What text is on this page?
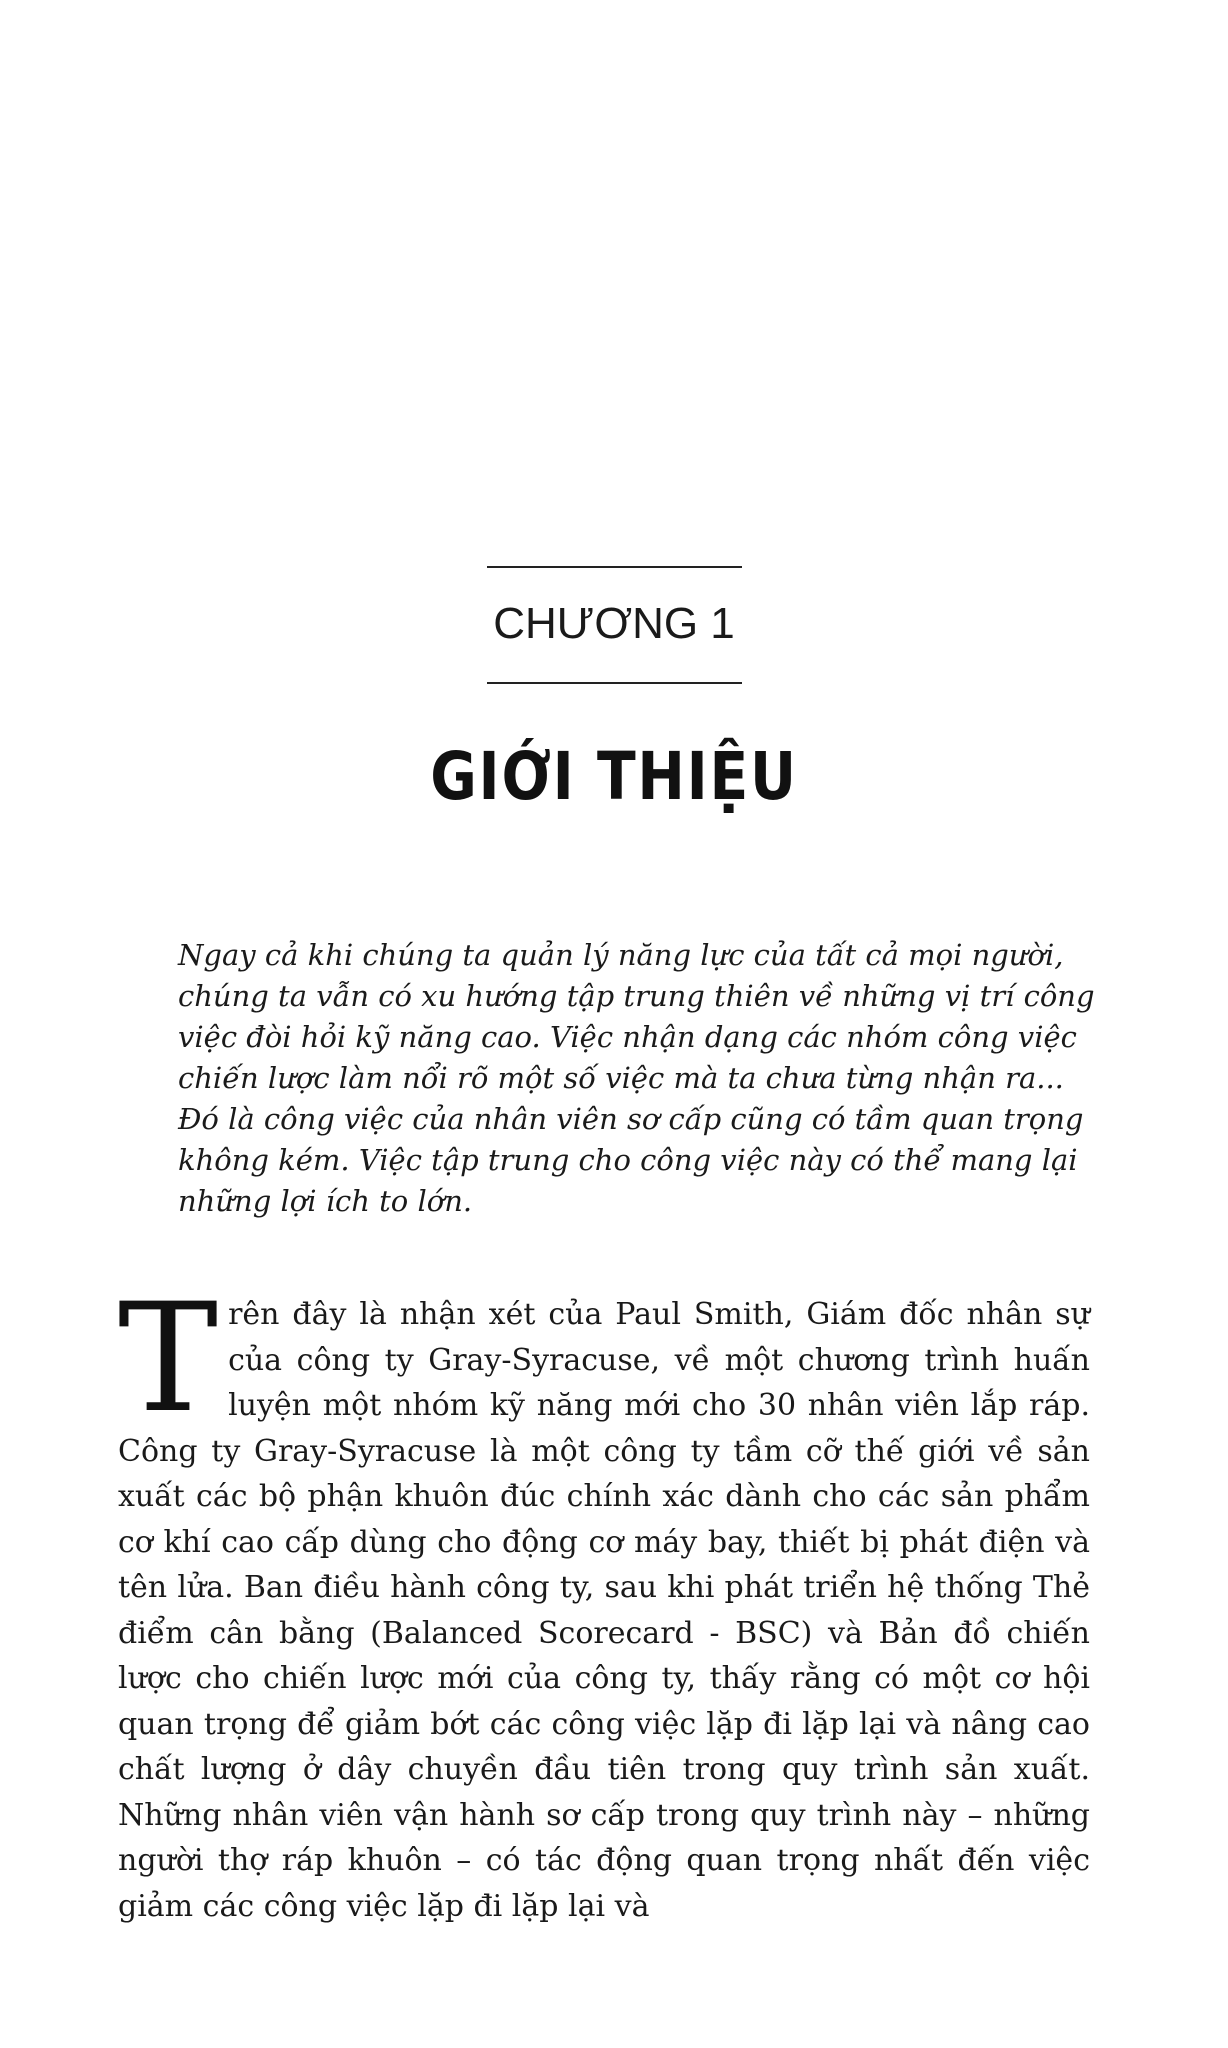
CHƯƠNG 1
GIỚI THIỆU
Ngay cả khi chúng ta quản lý năng lực của tất cả mọi người, chúng ta vẫn có xu hướng tập trung thiên về những vị trí công việc đòi hỏi kỹ năng cao. Việc nhận dạng các nhóm công việc chiến lược làm nổi rõ một số việc mà ta chưa từng nhận ra... Đó là công việc của nhân viên sơ cấp cũng có tầm quan trọng không kém. Việc tập trung cho công việc này có thể mang lại những lợi ích to lớn.
Trên đây là nhận xét của Paul Smith, Giám đốc nhân sự của công ty Gray-Syracuse, về một chương trình huấn luyện một nhóm kỹ năng mới cho 30 nhân viên lắp ráp. Công ty Gray-Syracuse là một công ty tầm cỡ thế giới về sản xuất các bộ phận khuôn đúc chính xác dành cho các sản phẩm cơ khí cao cấp dùng cho động cơ máy bay, thiết bị phát điện và tên lửa. Ban điều hành công ty, sau khi phát triển hệ thống Thẻ điểm cân bằng (Balanced Scorecard - BSC) và Bản đồ chiến lược cho chiến lược mới của công ty, thấy rằng có một cơ hội quan trọng để giảm bớt các công việc lặp đi lặp lại và nâng cao chất lượng ở dây chuyền đầu tiên trong quy trình sản xuất. Những nhân viên vận hành sơ cấp trong quy trình này – những người thợ ráp khuôn – có tác động quan trọng nhất đến việc giảm các công việc lặp đi lặp lại và
